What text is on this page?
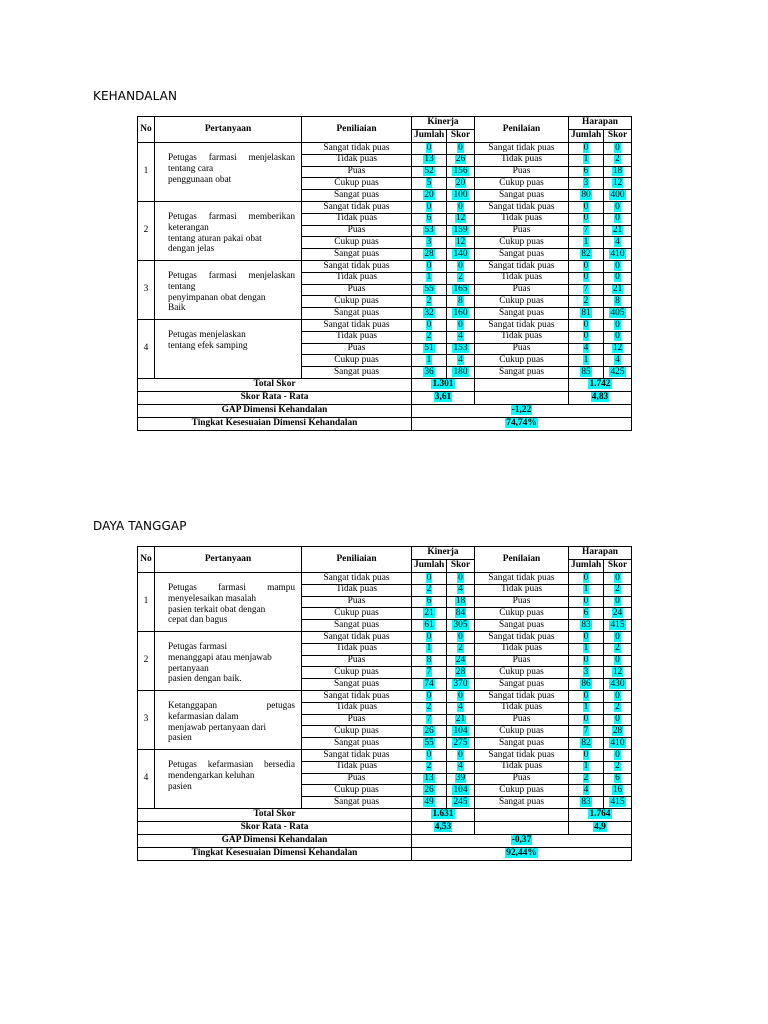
KEHANDALAN
No	Pertanyaan	Peniliaian	Kinerja	Penilaian	Harapan
Jumlah	Skor	Jumlah	Skor
1	
Petugas farmasi menjelaskan tentang cara
penggunaan obat
	Sangat tidak puas	0	0	Sangat tidak puas	0	0
Tidak puas	13	26	Tidak puas	1	2
Puas	52	156	Puas	6	18
Cukup puas	5	20	Cukup puas	3	12
Sangat puas	20	100	Sangat puas	80	400
2	
Petugas farmasi memberikan keterangan
tentang aturan pakai obat
dengan jelas
	Sangat tidak puas	0	0	Sangat tidak puas	0	0
Tidak puas	6	12	Tidak puas	0	0
Puas	53	159	Puas	7	21
Cukup puas	3	12	Cukup puas	1	4
Sangat puas	28	140	Sangat puas	82	410
3	
Petugas farmasi menjelaskan tentang
penyimpanan obat dengan
Baik
	Sangat tidak puas	0	0	Sangat tidak puas	0	0
Tidak puas	1	2	Tidak puas	0	0
Puas	55	165	Puas	7	21
Cukup puas	2	8	Cukup puas	2	8
Sangat puas	32	160	Sangat puas	81	405
4	
Petugas menjelaskan
tentang efek samping
	Sangat tidak puas	0	0	Sangat tidak puas	0	0
Tidak puas	2	4	Tidak puas	0	0
Puas	51	153	Puas	4	12
Cukup puas	1	4	Cukup puas	1	4
Sangat puas	36	180	Sangat puas	85	425
Total Skor	1.301		1.742
Skor Rata - Rata	3,61		4,83
GAP Dimensi Kehandalan	-1,22
Tingkat Kesesuaian Dimensi Kehandalan	74,74%
DAYA TANGGAP
No	Pertanyaan	Peniliaian	Kinerja	Penilaian	Harapan
Jumlah	Skor	Jumlah	Skor
1	
Petugas farmasi mampu menyelesaikan masalah
pasien terkait obat dengan
cepat dan bagus
	Sangat tidak puas	0	0	Sangat tidak puas	0	0
Tidak puas	2	4	Tidak puas	1	2
Puas	6	18	Puas	0	0
Cukup puas	21	84	Cukup puas	6	24
Sangat puas	61	305	Sangat puas	83	415
2	
Petugas farmasi
menanggapi atau menjawab
pertanyaan
pasien dengan baik.
	Sangat tidak puas	0	0	Sangat tidak puas	0	0
Tidak puas	1	2	Tidak puas	1	2
Puas	8	24	Puas	0	0
Cukup puas	7	28	Cukup puas	3	12
Sangat puas	74	370	Sangat puas	86	430
3	
Ketanggapan petugas kefarmasian dalam
menjawab pertanyaan dari
pasien
	Sangat tidak puas	0	0	Sangat tidak puas	0	0
Tidak puas	2	4	Tidak puas	1	2
Puas	7	21	Puas	0	0
Cukup puas	26	104	Cukup puas	7	28
Sangat puas	55	275	Sangat puas	82	410
4	
Petugas kefarmasian bersedia mendengarkan keluhan
pasien
	Sangat tidak puas	0	0	Sangat tidak puas	0	0
Tidak puas	2	4	Tidak puas	1	2
Puas	13	39	Puas	2	6
Cukup puas	26	104	Cukup puas	4	16
Sangat puas	49	245	Sangat puas	83	415
Total Skor	1.631		1.764
Skor Rata - Rata	4,53		4,9
GAP Dimensi Kehandalan	-0,37
Tingkat Kesesuaian Dimensi Kehandalan	92,44%
